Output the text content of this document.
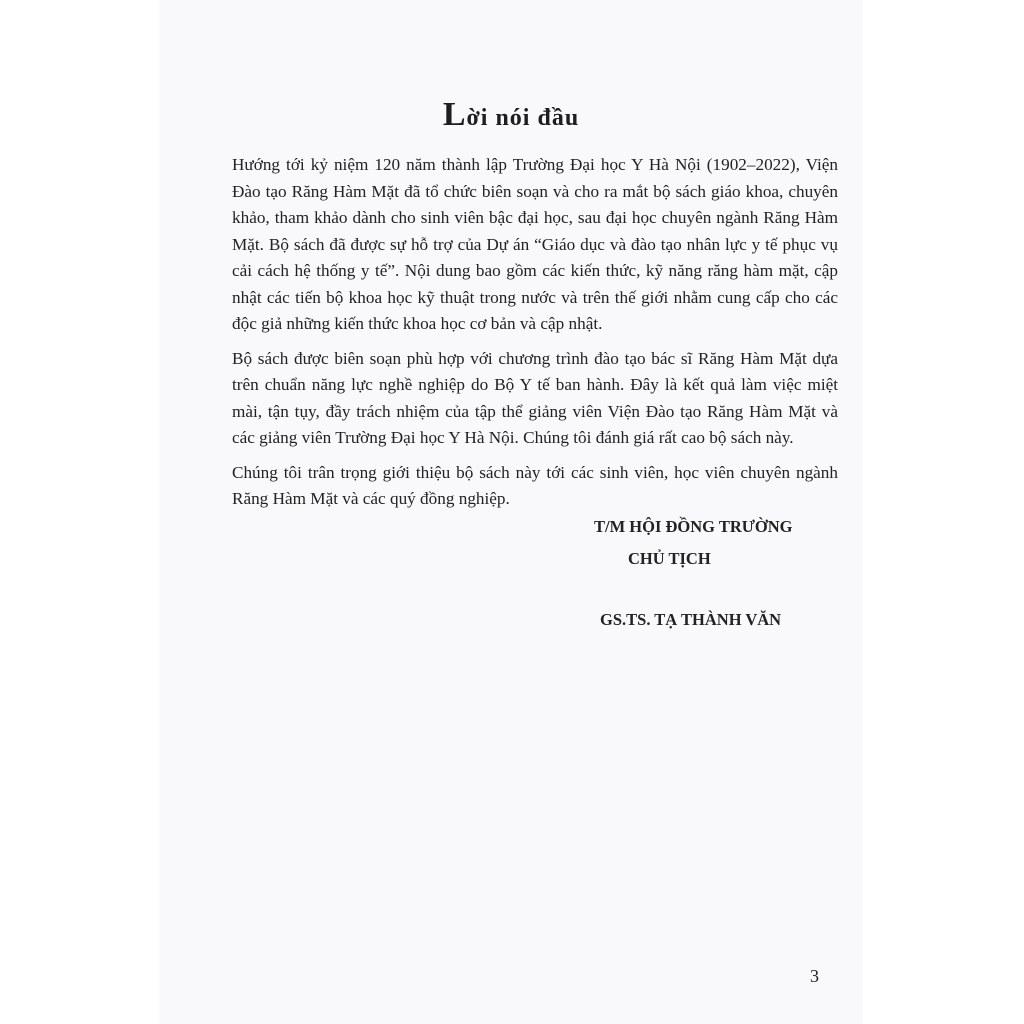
Lời nói đầu

Hướng tới kỷ niệm 120 năm thành lập Trường Đại học Y Hà Nội (1902–2022), Viện Đào tạo Răng Hàm Mặt đã tổ chức biên soạn và cho ra mắt bộ sách giáo khoa, chuyên khảo, tham khảo dành cho sinh viên bậc đại học, sau đại học chuyên ngành Răng Hàm Mặt. Bộ sách đã được sự hỗ trợ của Dự án “Giáo dục và đào tạo nhân lực y tế phục vụ cải cách hệ thống y tế”. Nội dung bao gồm các kiến thức, kỹ năng răng hàm mặt, cập nhật các tiến bộ khoa học kỹ thuật trong nước và trên thế giới nhằm cung cấp cho các độc giả những kiến thức khoa học cơ bản và cập nhật.

Bộ sách được biên soạn phù hợp với chương trình đào tạo bác sĩ Răng Hàm Mặt dựa trên chuẩn năng lực nghề nghiệp do Bộ Y tế ban hành. Đây là kết quả làm việc miệt mài, tận tụy, đầy trách nhiệm của tập thể giảng viên Viện Đào tạo Răng Hàm Mặt và các giảng viên Trường Đại học Y Hà Nội. Chúng tôi đánh giá rất cao bộ sách này.

Chúng tôi trân trọng giới thiệu bộ sách này tới các sinh viên, học viên chuyên ngành Răng Hàm Mặt và các quý đồng nghiệp.

T/M HỘI ĐỒNG TRƯỜNG
CHỦ TỊCH
GS.TS. TẠ THÀNH VĂN
3
